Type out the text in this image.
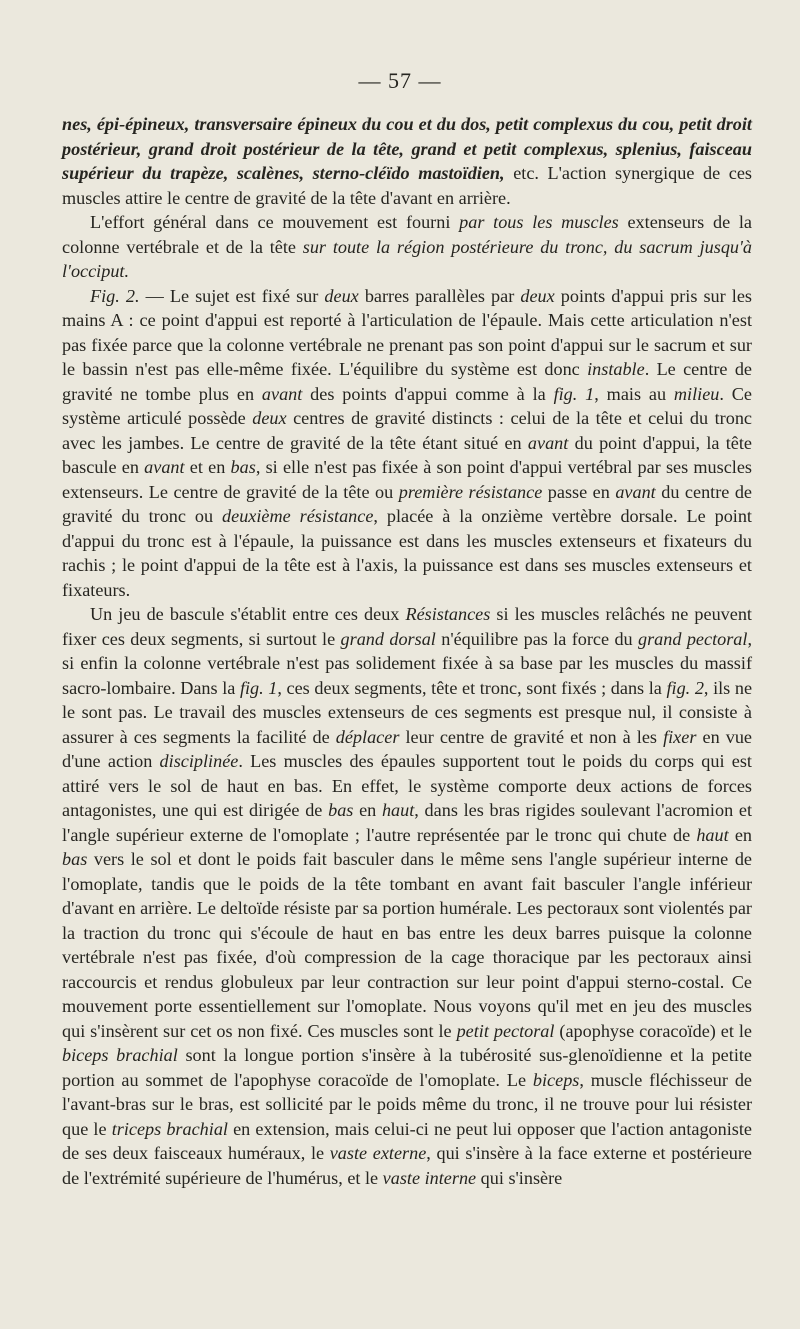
— 57 —

nes, épi-épineux, transversaire épineux du cou et du dos, petit complexus du cou, petit droit postérieur, grand droit postérieur de la tête, grand et petit complexus, splenius, faisceau supérieur du trapèze, scalènes, sterno-cléïdo mastoïdien, etc. L'action synergique de ces muscles attire le centre de gravité de la tête d'avant en arrière.

L'effort général dans ce mouvement est fourni par tous les muscles extenseurs de la colonne vertébrale et de la tête sur toute la région postérieure du tronc, du sacrum jusqu'à l'occiput.

Fig. 2. — Le sujet est fixé sur deux barres parallèles par deux points d'appui pris sur les mains A : ce point d'appui est reporté à l'articulation de l'épaule. Mais cette articulation n'est pas fixée parce que la colonne vertébrale ne prenant pas son point d'appui sur le sacrum et sur le bassin n'est pas elle-même fixée. L'équilibre du système est donc instable. Le centre de gravité ne tombe plus en avant des points d'appui comme à la fig. 1, mais au milieu. Ce système articulé possède deux centres de gravité distincts : celui de la tête et celui du tronc avec les jambes. Le centre de gravité de la tête étant situé en avant du point d'appui, la tête bascule en avant et en bas, si elle n'est pas fixée à son point d'appui vertébral par ses muscles extenseurs. Le centre de gravité de la tête ou première résistance passe en avant du centre de gravité du tronc ou deuxième résistance, placée à la onzième vertèbre dorsale. Le point d'appui du tronc est à l'épaule, la puissance est dans les muscles extenseurs et fixateurs du rachis ; le point d'appui de la tête est à l'axis, la puissance est dans ses muscles extenseurs et fixateurs.

Un jeu de bascule s'établit entre ces deux Résistances si les muscles relâchés ne peuvent fixer ces deux segments, si surtout le grand dorsal n'équilibre pas la force du grand pectoral, si enfin la colonne vertébrale n'est pas solidement fixée à sa base par les muscles du massif sacro-lombaire. Dans la fig. 1, ces deux segments, tête et tronc, sont fixés ; dans la fig. 2, ils ne le sont pas. Le travail des muscles extenseurs de ces segments est presque nul, il consiste à assurer à ces segments la facilité de déplacer leur centre de gravité et non à les fixer en vue d'une action disciplinée. Les muscles des épaules supportent tout le poids du corps qui est attiré vers le sol de haut en bas. En effet, le système comporte deux actions de forces antagonistes, une qui est dirigée de bas en haut, dans les bras rigides soulevant l'acromion et l'angle supérieur externe de l'omoplate ; l'autre représentée par le tronc qui chute de haut en bas vers le sol et dont le poids fait basculer dans le même sens l'angle supérieur interne de l'omoplate, tandis que le poids de la tête tombant en avant fait basculer l'angle inférieur d'avant en arrière. Le deltoïde résiste par sa portion humérale. Les pectoraux sont violentés par la traction du tronc qui s'écoule de haut en bas entre les deux barres puisque la colonne vertébrale n'est pas fixée, d'où compression de la cage thoracique par les pectoraux ainsi raccourcis et rendus globuleux par leur contraction sur leur point d'appui sterno-costal. Ce mouvement porte essentiellement sur l'omoplate. Nous voyons qu'il met en jeu des muscles qui s'insèrent sur cet os non fixé. Ces muscles sont le petit pectoral (apophyse coracoïde) et le biceps brachial sont la longue portion s'insère à la tubérosité sus-glenoïdienne et la petite portion au sommet de l'apophyse coracoïde de l'omoplate. Le biceps, muscle fléchisseur de l'avant-bras sur le bras, est sollicité par le poids même du tronc, il ne trouve pour lui résister que le triceps brachial en extension, mais celui-ci ne peut lui opposer que l'action antagoniste de ses deux faisceaux huméraux, le vaste externe, qui s'insère à la face externe et postérieure de l'extrémité supérieure de l'humérus, et le vaste interne qui s'insère
